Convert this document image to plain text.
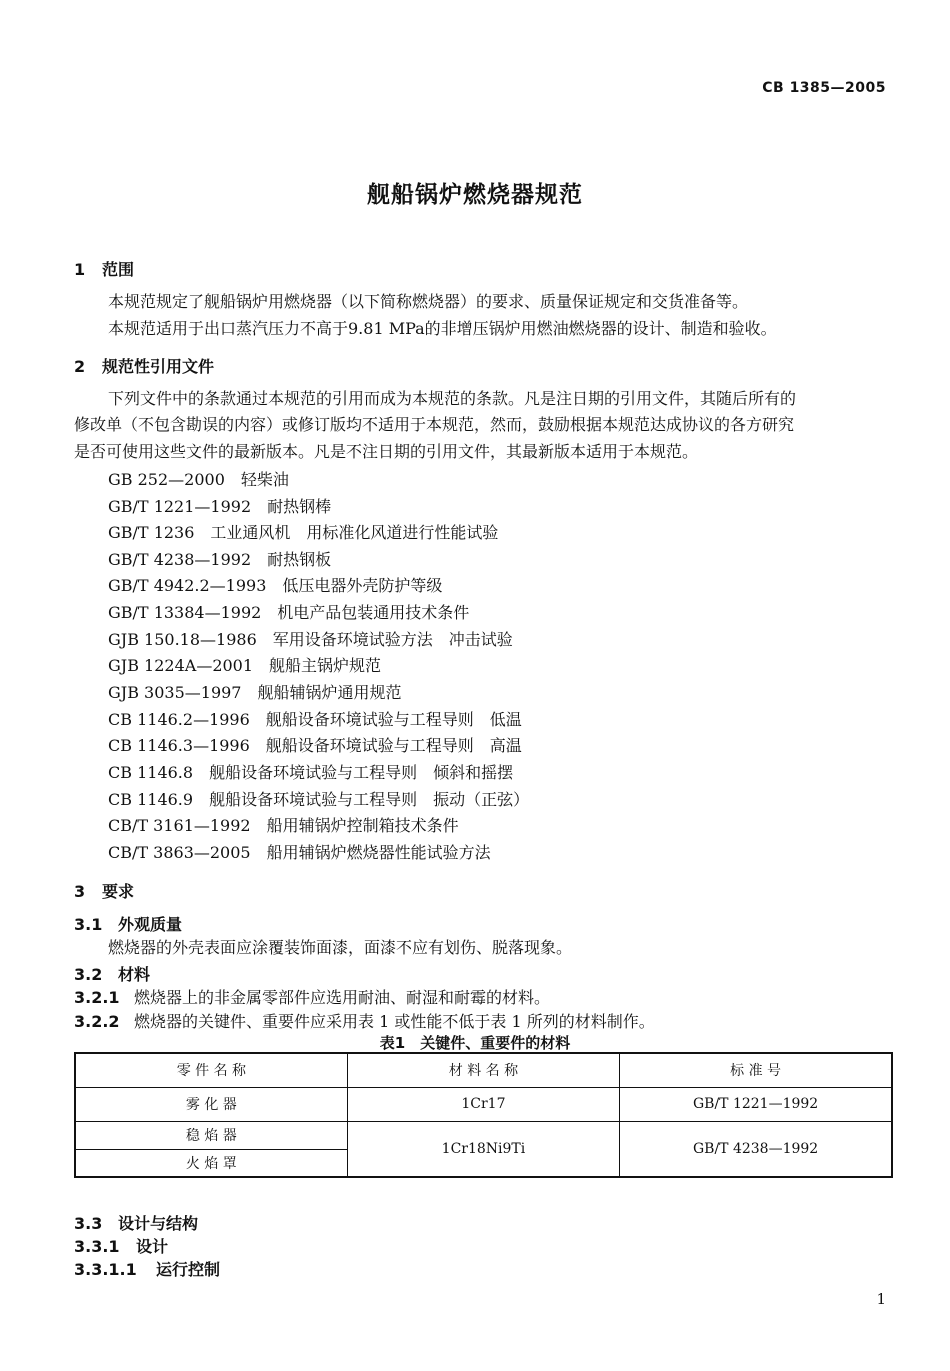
CB 1385—2005
舰船锅炉燃烧器规范
1 范围
本规范规定了舰船锅炉用燃烧器（以下简称燃烧器）的要求、质量保证规定和交货准备等。
本规范适用于出口蒸汽压力不高于9.81 MPa的非增压锅炉用燃油燃烧器的设计、制造和验收。
2 规范性引用文件
下列文件中的条款通过本规范的引用而成为本规范的条款。凡是注日期的引用文件，其随后所有的
修改单（不包含勘误的内容）或修订版均不适用于本规范，然而，鼓励根据本规范达成协议的各方研究
是否可使用这些文件的最新版本。凡是不注日期的引用文件，其最新版本适用于本规范。
GB 252—2000　轻柴油
GB/T 1221—1992　耐热钢棒
GB/T 1236　工业通风机　用标准化风道进行性能试验
GB/T 4238—1992　耐热钢板
GB/T 4942.2—1993　低压电器外壳防护等级
GB/T 13384—1992　机电产品包装通用技术条件
GJB 150.18—1986　军用设备环境试验方法　冲击试验
GJB 1224A—2001　舰船主锅炉规范
GJB 3035—1997　舰船辅锅炉通用规范
CB 1146.2—1996　舰船设备环境试验与工程导则　低温
CB 1146.3—1996　舰船设备环境试验与工程导则　高温
CB 1146.8　舰船设备环境试验与工程导则　倾斜和摇摆
CB 1146.9　舰船设备环境试验与工程导则　振动（正弦）
CB/T 3161—1992　船用辅锅炉控制箱技术条件
CB/T 3863—2005　船用辅锅炉燃烧器性能试验方法
3 要求
3.1 外观质量
燃烧器的外壳表面应涂覆装饰面漆，面漆不应有划伤、脱落现象。
3.2 材料
3.2.1 燃烧器上的非金属零部件应选用耐油、耐湿和耐霉的材料。
3.2.2 燃烧器的关键件、重要件应采用表 1 或性能不低于表 1 所列的材料制作。
表1　关键件、重要件的材料
零 件 名 称	材 料 名 称	标 准 号
雾 化 器	1Cr17	GB/T 1221—1992
稳 焰 器	1Cr18Ni9Ti	GB/T 4238—1992
火 焰 罩		
3.3 设计与结构
3.3.1 设计
3.3.1.1 运行控制
1
